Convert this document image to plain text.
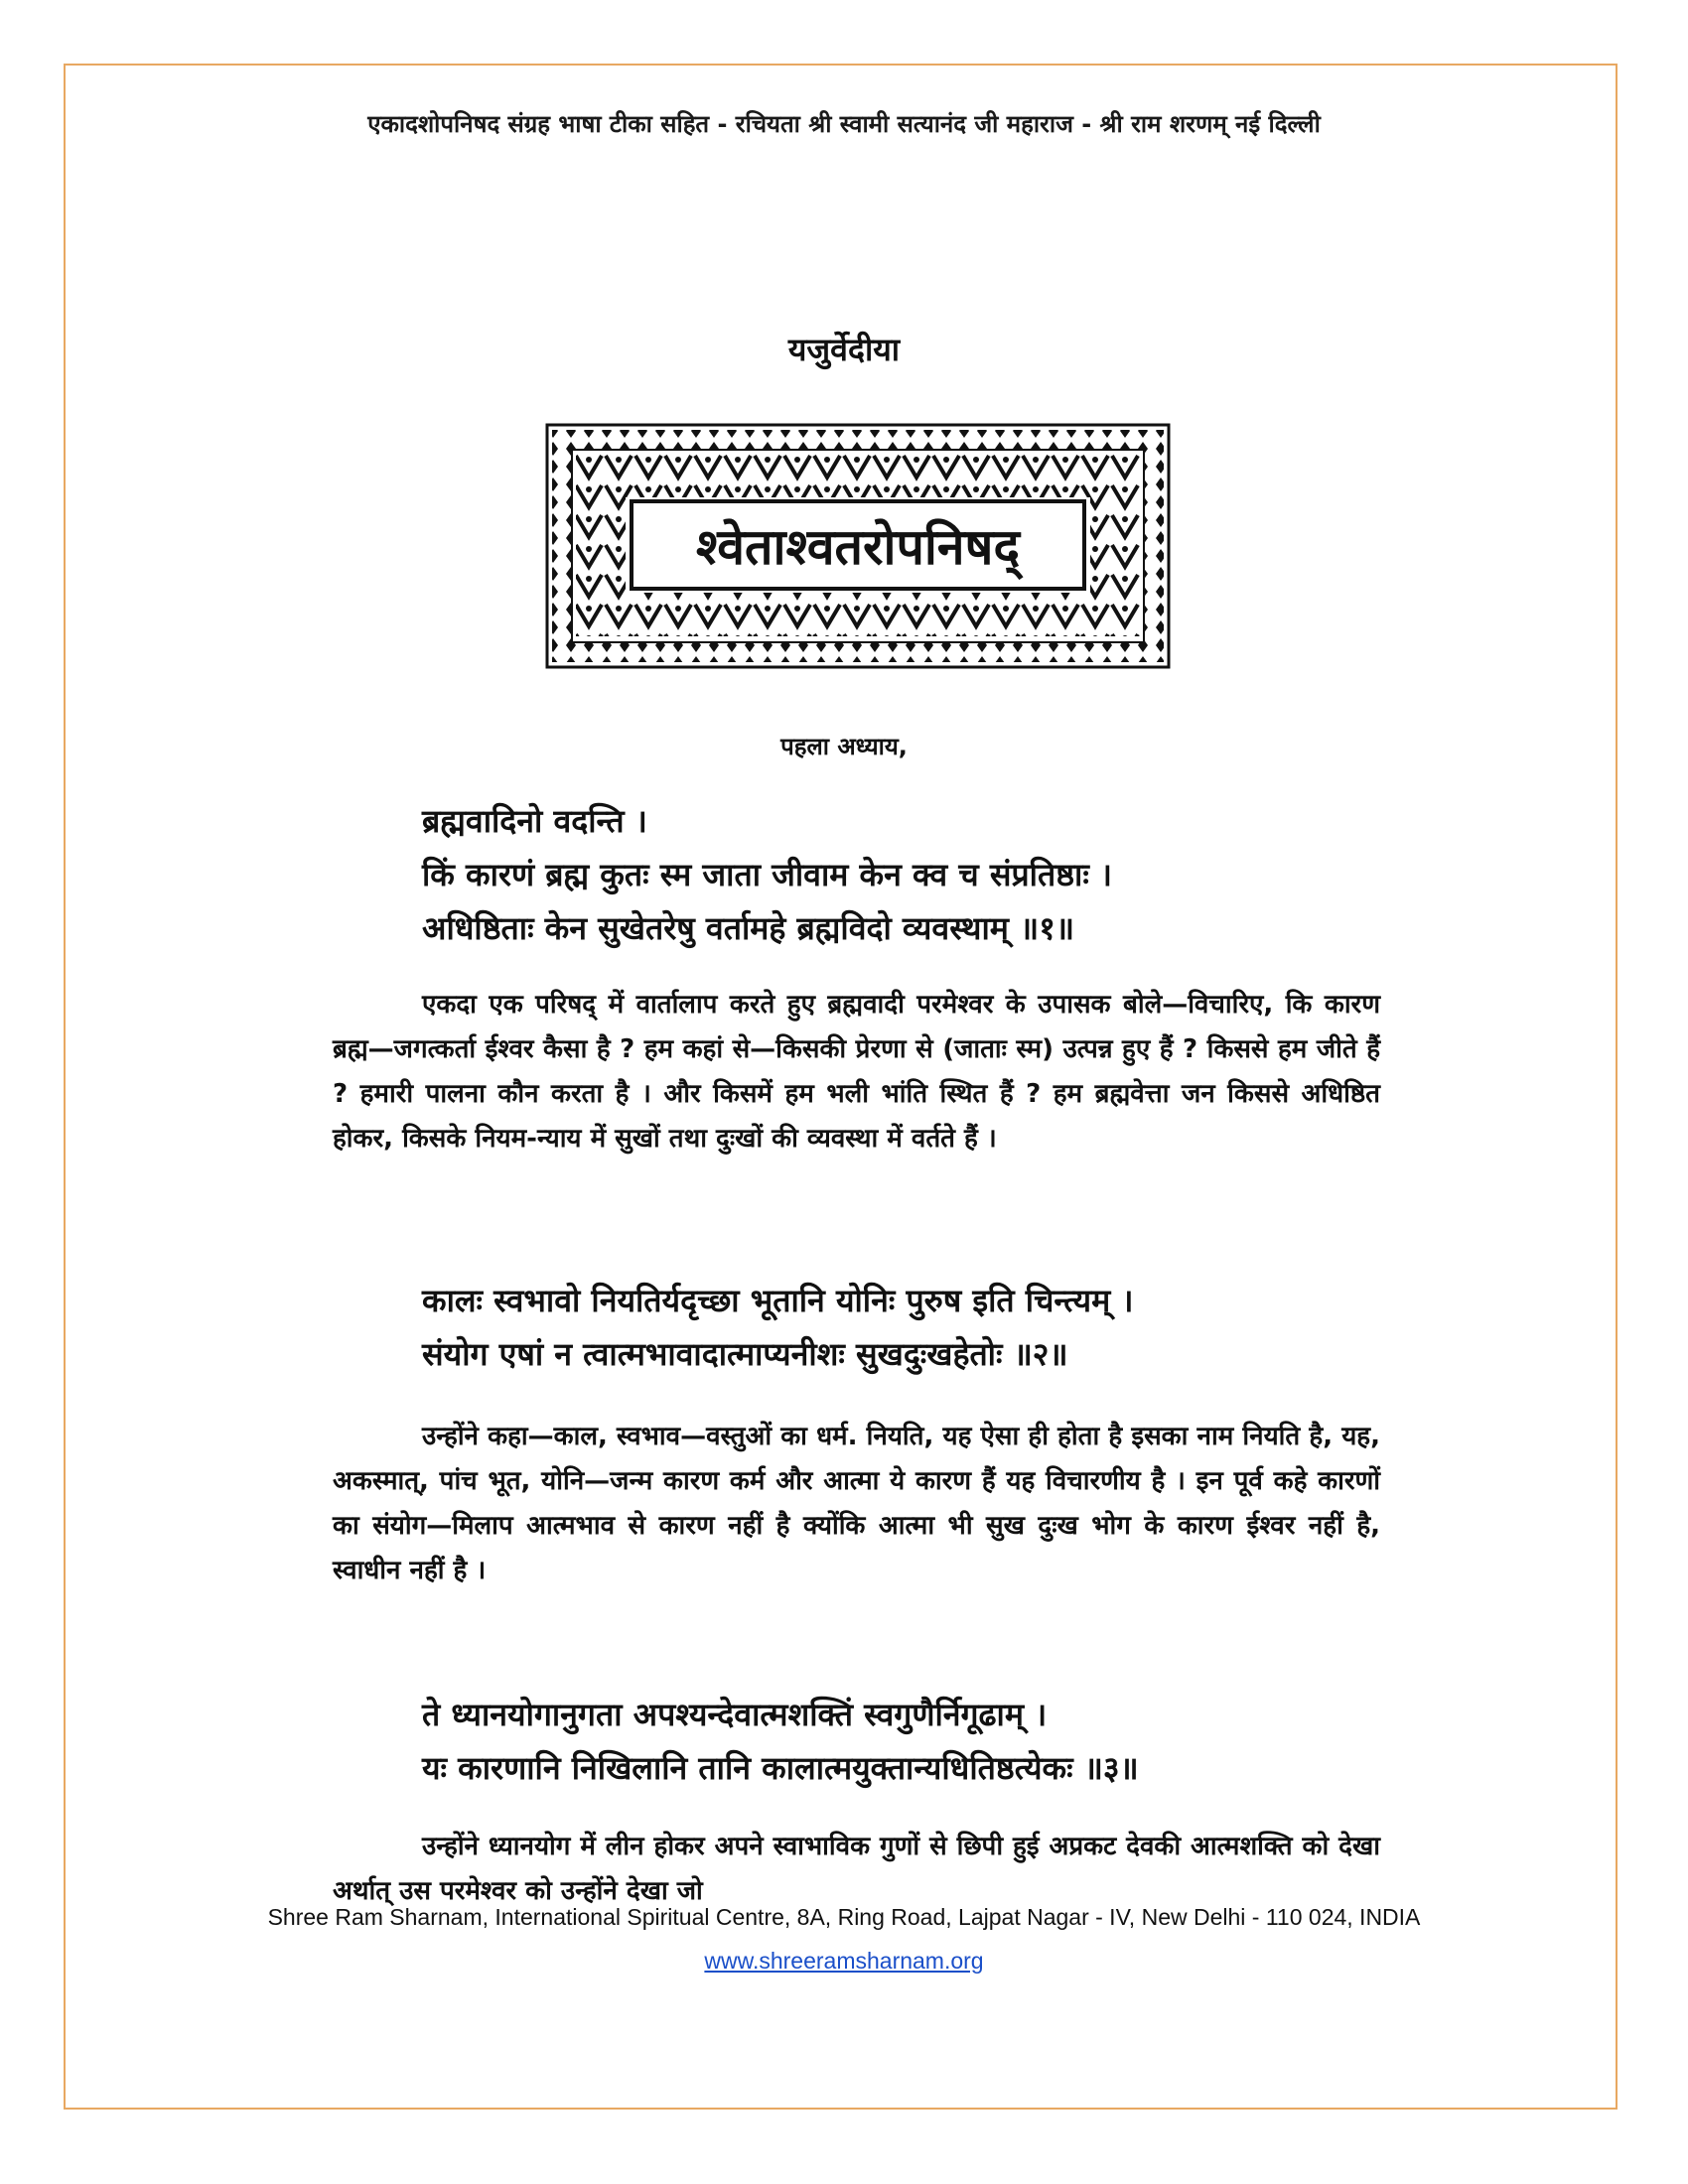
एकादशोपनिषद संग्रह भाषा टीका सहित - रचियता श्री स्वामी सत्यानंद जी महाराज - श्री राम शरणम् नई दिल्ली
यजुर्वेदीया
श्वेताश्वतरोपनिषद्
पहला अध्याय,
ब्रह्मवादिनो वदन्ति ।
किं कारणं ब्रह्म कुतः स्म जाता जीवाम केन क्व च संप्रतिष्ठाः ।
अधिष्ठिताः केन सुखेतरेषु वर्तामहे ब्रह्मविदो व्यवस्थाम् ॥१॥

एकदा एक परिषद् में वार्तालाप करते हुए ब्रह्मवादी परमेश्वर के उपासक बोले—विचारिए, कि कारण ब्रह्म—जगत्कर्ता ईश्वर कैसा है ? हम कहां से—किसकी प्रेरणा से (जाताः स्म) उत्पन्न हुए हैं ? किससे हम जीते हैं ? हमारी पालना कौन करता है । और किसमें हम भली भांति स्थित हैं ? हम ब्रह्मवेत्ता जन किससे अधिष्ठित होकर, किसके नियम-न्याय में सुखों तथा दुःखों की व्यवस्था में वर्तते हैं ।

कालः स्वभावो नियतिर्यदृच्छा भूतानि योनिः पुरुष इति चिन्त्यम् ।
संयोग एषां न त्वात्मभावादात्माप्यनीशः सुखदुःखहेतोः ॥२॥

उन्होंने कहा—काल, स्वभाव—वस्तुओं का धर्म. नियति, यह ऐसा ही होता है इसका नाम नियति है, यह, अकस्मात्, पांच भूत, योनि—जन्म कारण कर्म और आत्मा ये कारण हैं यह विचारणीय है । इन पूर्व कहे कारणों का संयोग—मिलाप आत्मभाव से कारण नहीं है क्योंकि आत्मा भी सुख दुःख भोग के कारण ईश्वर नहीं है, स्वाधीन नहीं है ।

ते ध्यानयोगानुगता अपश्यन्देवात्मशक्तिं स्वगुणैर्निगूढाम् ।
यः कारणानि निखिलानि तानि कालात्मयुक्तान्यधितिष्ठत्येकः ॥३॥

उन्होंने ध्यानयोग में लीन होकर अपने स्वाभाविक गुणों से छिपी हुई अप्रकट देवकी आत्मशक्ति को देखा अर्थात् उस परमेश्वर को उन्होंने देखा जो

Shree Ram Sharnam, International Spiritual Centre, 8A, Ring Road, Lajpat Nagar - IV, New Delhi - 110 024, INDIA
www.shreeramsharnam.org
